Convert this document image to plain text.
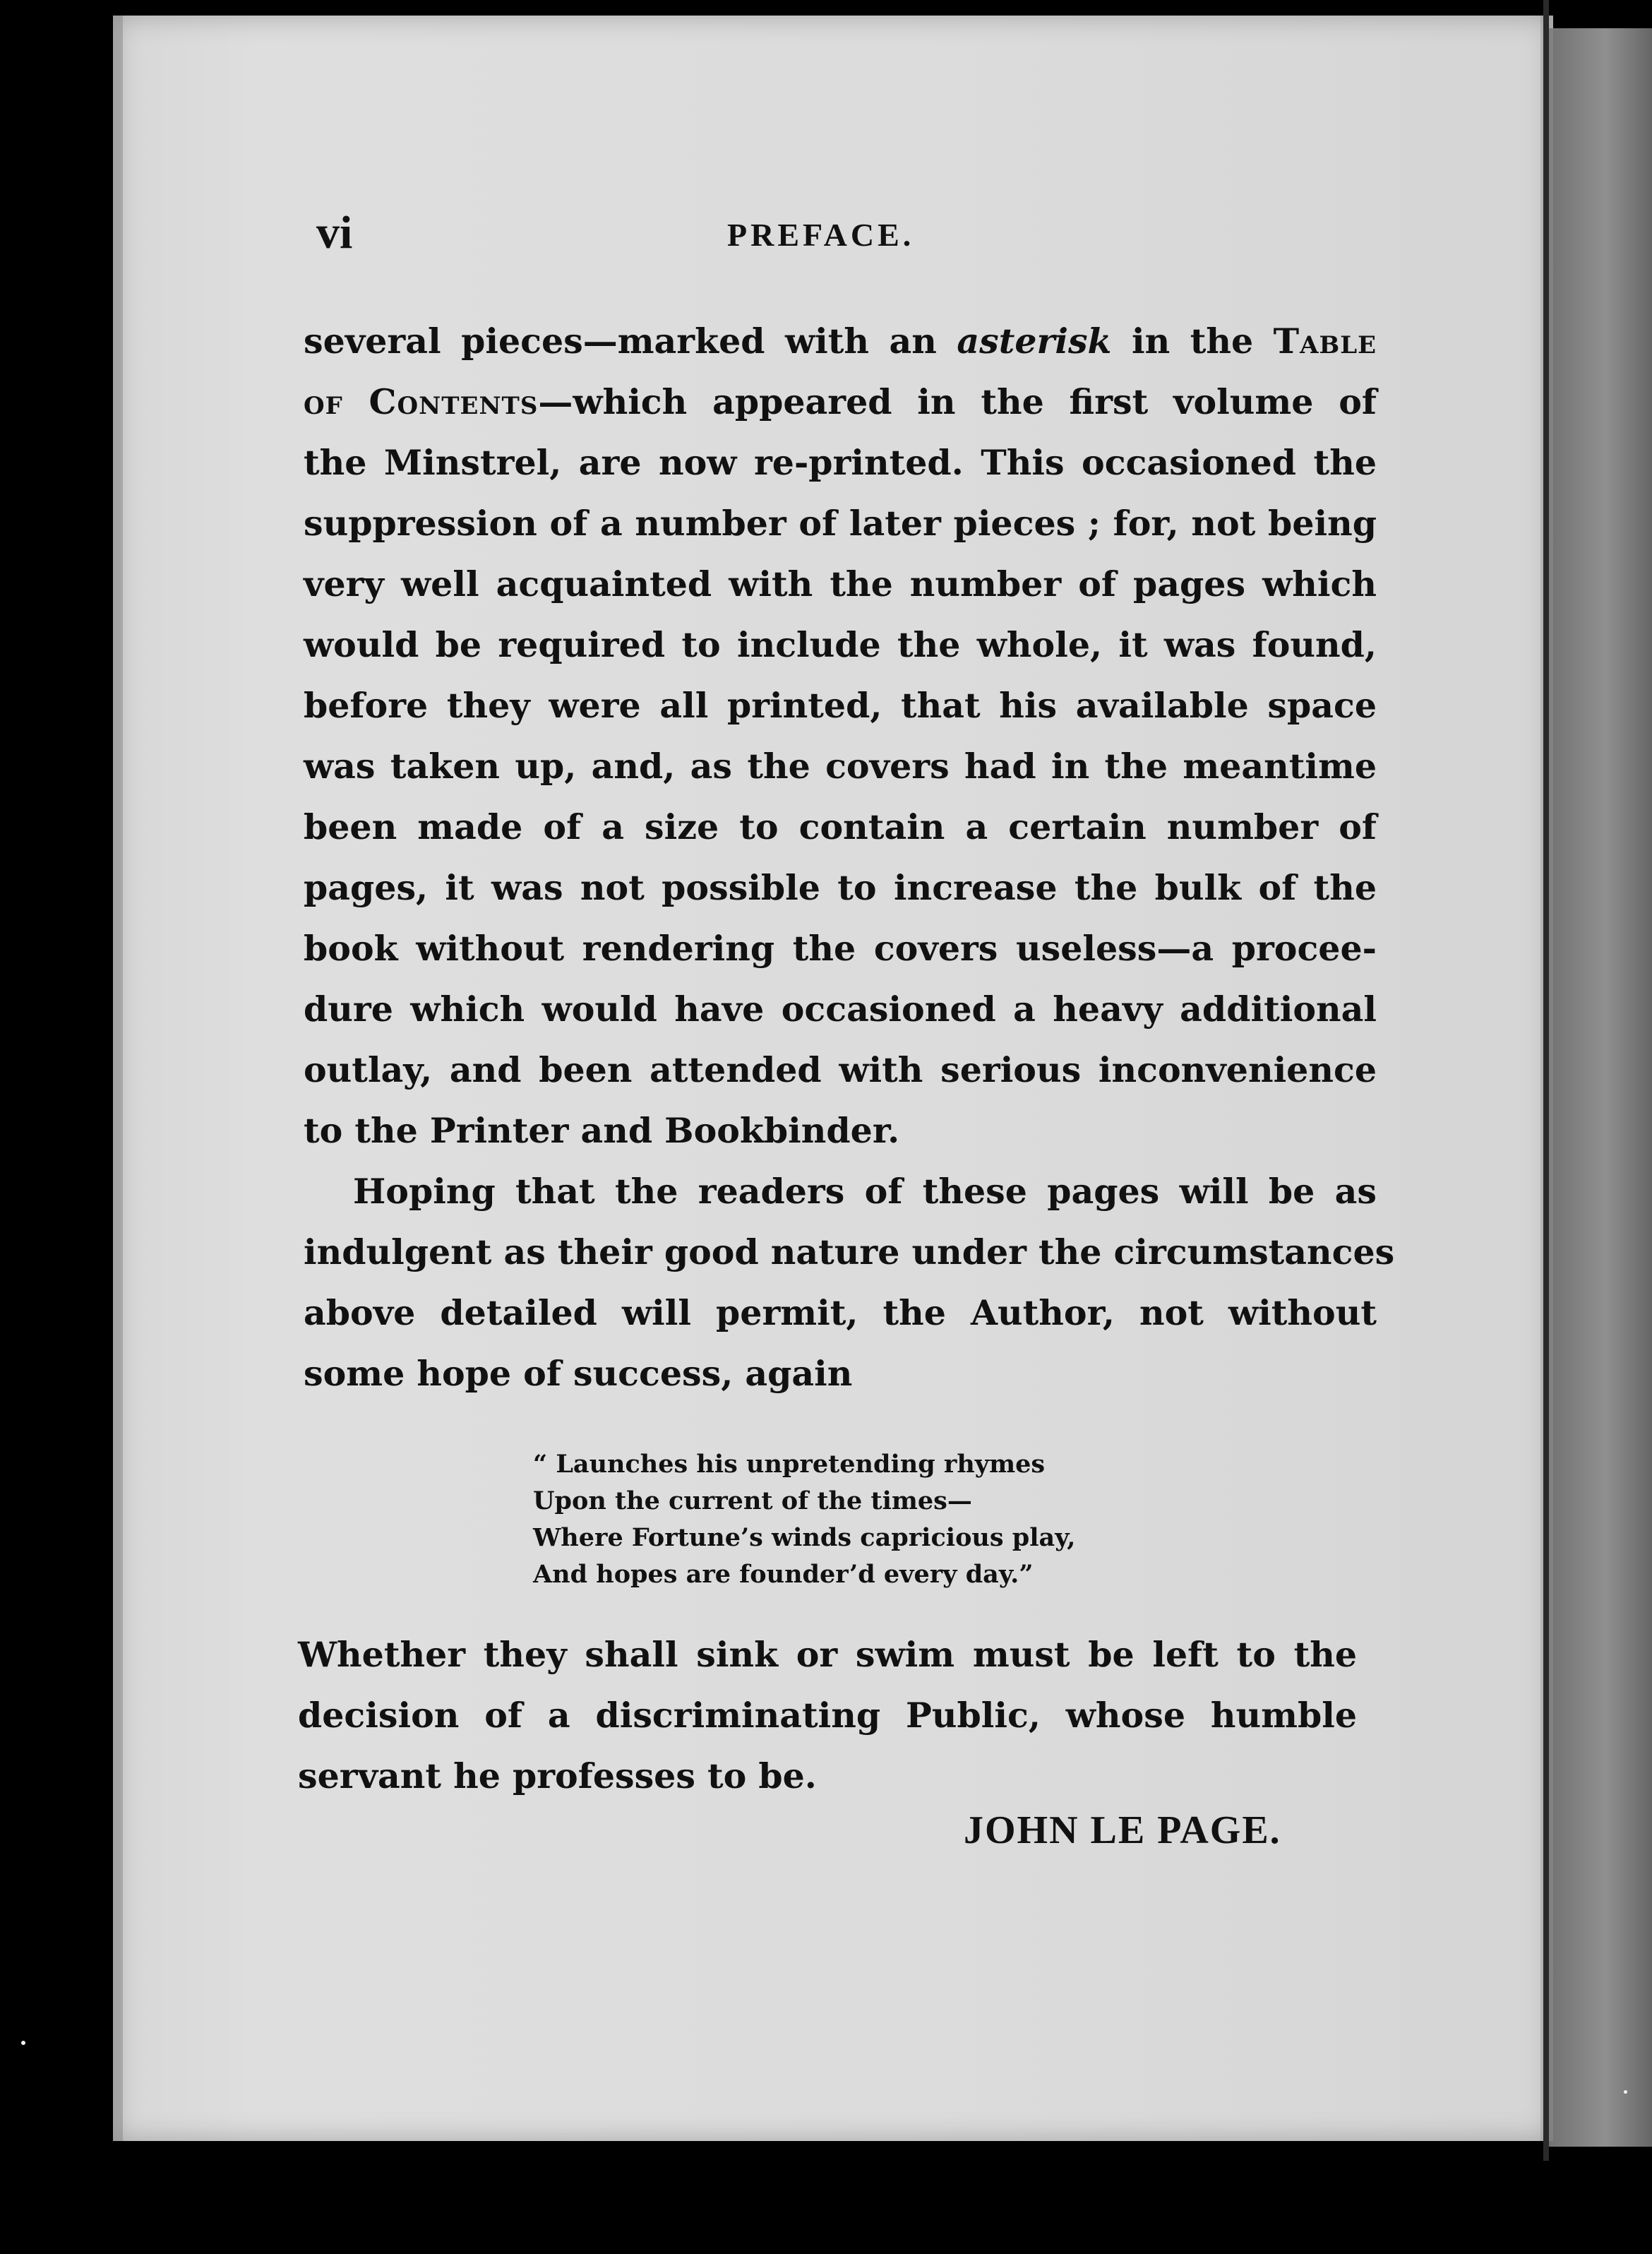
vi	PREFACE.

several pieces—marked with an asterisk in the Table
of Contents—which appeared in the first volume of
the Minstrel, are now re-printed. This occasioned the
suppression of a number of later pieces ; for, not being
very well acquainted with the number of pages which
would be required to include the whole, it was found,
before they were all printed, that his available space
was taken up, and, as the covers had in the meantime
been made of a size to contain a certain number of
pages, it was not possible to increase the bulk of the
book without rendering the covers useless—a procee-
dure which would have occasioned a heavy additional
outlay, and been attended with serious inconvenience
to the Printer and Bookbinder.

Hoping that the readers of these pages will be as
indulgent as their good nature under the circumstances
above detailed will permit, the Author, not without
some hope of success, again

“ Launches his unpretending rhymes
Upon the current of the times—
Where Fortune’s winds capricious play,
And hopes are founder’d every day.”
Whether they shall sink or swim must be left to the
decision of a discriminating Public, whose humble
servant he professes to be.
JOHN LE PAGE.
